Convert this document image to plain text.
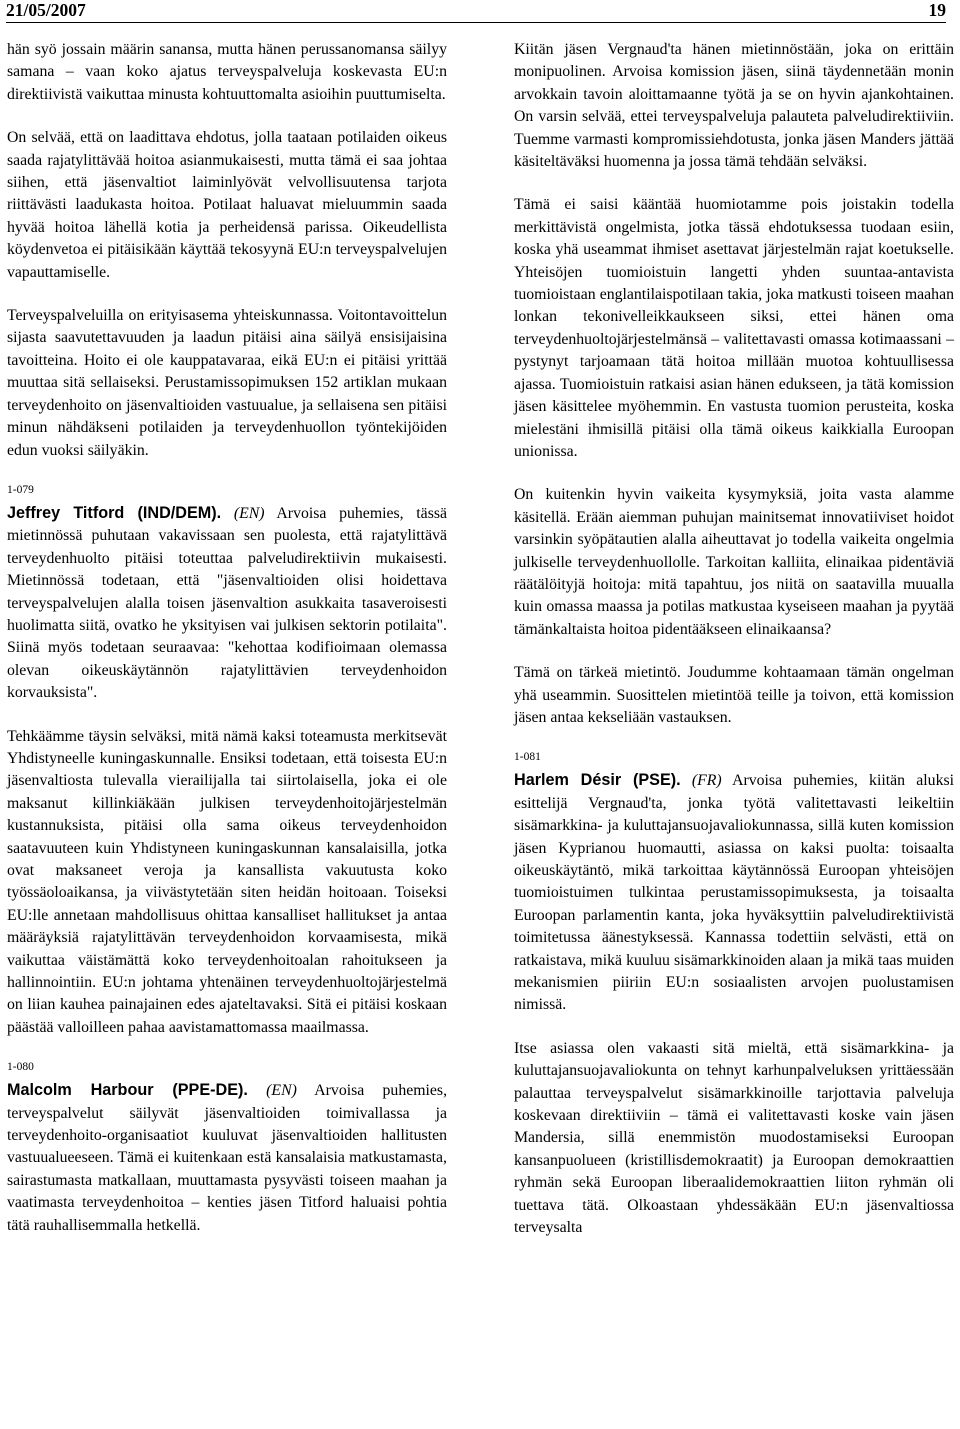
21/05/2007	19

hän syö jossain määrin sanansa, mutta hänen perussanomansa säilyy samana – vaan koko ajatus terveyspalveluja koskevasta EU:n direktiivistä vaikuttaa minusta kohtuuttomalta asioihin puuttumiselta.

On selvää, että on laadittava ehdotus, jolla taataan potilaiden oikeus saada rajatylittävää hoitoa asianmukaisesti, mutta tämä ei saa johtaa siihen, että jäsenvaltiot laiminlyövät velvollisuutensa tarjota riittävästi laadukasta hoitoa. Potilaat haluavat mieluummin saada hyvää hoitoa lähellä kotia ja perheidensä parissa. Oikeudellista köydenvetoa ei pitäisikään käyttää tekosyynä EU:n terveyspalvelujen vapauttamiselle.

Terveyspalveluilla on erityisasema yhteiskunnassa. Voitontavoittelun sijasta saavutettavuuden ja laadun pitäisi aina säilyä ensisijaisina tavoitteina. Hoito ei ole kauppatavaraa, eikä EU:n ei pitäisi yrittää muuttaa sitä sellaiseksi. Perustamissopimuksen 152 artiklan mukaan terveydenhoito on jäsenvaltioiden vastuualue, ja sellaisena sen pitäisi minun nähdäkseni potilaiden ja terveydenhuollon työntekijöiden edun vuoksi säilyäkin.

1-079

Jeffrey Titford (IND/DEM). (EN) Arvoisa puhemies, tässä mietinnössä puhutaan vakavissaan sen puolesta, että rajatylittävä terveydenhuolto pitäisi toteuttaa palveludirektiivin mukaisesti. Mietinnössä todetaan, että "jäsenvaltioiden olisi hoidettava terveyspalvelujen alalla toisen jäsenvaltion asukkaita tasaveroisesti huolimatta siitä, ovatko he yksityisen vai julkisen sektorin potilaita". Siinä myös todetaan seuraavaa: "kehottaa kodifioimaan olemassa olevan oikeuskäytännön rajatylittävien terveydenhoidon korvauksista".

Tehkäämme täysin selväksi, mitä nämä kaksi toteamusta merkitsevät Yhdistyneelle kuningaskunnalle. Ensiksi todetaan, että toisesta EU:n jäsenvaltiosta tulevalla vierailijalla tai siirtolaisella, joka ei ole maksanut killinkiäkään julkisen terveydenhoitojärjestelmän kustannuksista, pitäisi olla sama oikeus terveydenhoidon saatavuuteen kuin Yhdistyneen kuningaskunnan kansalaisilla, jotka ovat maksaneet veroja ja kansallista vakuutusta koko työssäoloaikansa, ja viivästytetään siten heidän hoitoaan. Toiseksi EU:lle annetaan mahdollisuus ohittaa kansalliset hallitukset ja antaa määräyksiä rajatylittävän terveydenhoidon korvaamisesta, mikä vaikuttaa väistämättä koko terveydenhoitoalan rahoitukseen ja hallinnointiin. EU:n johtama yhtenäinen terveydenhuoltojärjestelmä on liian kauhea painajainen edes ajateltavaksi. Sitä ei pitäisi koskaan päästää valloilleen pahaa aavistamattomassa maailmassa.

1-080

Malcolm Harbour (PPE-DE). (EN) Arvoisa puhemies, terveyspalvelut säilyvät jäsenvaltioiden toimivallassa ja terveydenhoito-organisaatiot kuuluvat jäsenvaltioiden hallitusten vastuualueeseen. Tämä ei kuitenkaan estä kansalaisia matkustamasta, sairastumasta matkallaan, muuttamasta pysyvästi toiseen maahan ja vaatimasta terveydenhoitoa – kenties jäsen Titford haluaisi pohtia tätä rauhallisemmalla hetkellä.

Kiitän jäsen Vergnaud'ta hänen mietinnöstään, joka on erittäin monipuolinen. Arvoisa komission jäsen, siinä täydennetään monin arvokkain tavoin aloittamaanne työtä ja se on hyvin ajankohtainen. On varsin selvää, ettei terveyspalveluja palauteta palveludirektiiviin. Tuemme varmasti kompromissiehdotusta, jonka jäsen Manders jättää käsiteltäväksi huomenna ja jossa tämä tehdään selväksi.

Tämä ei saisi kääntää huomiotamme pois joistakin todella merkittävistä ongelmista, jotka tässä ehdotuksessa tuodaan esiin, koska yhä useammat ihmiset asettavat järjestelmän rajat koetukselle. Yhteisöjen tuomioistuin langetti yhden suuntaa-antavista tuomioistaan englantilaispotilaan takia, joka matkusti toiseen maahan lonkan tekonivelleikkaukseen siksi, ettei hänen oma terveydenhuoltojärjestelmänsä – valitettavasti omassa kotimaassani – pystynyt tarjoamaan tätä hoitoa millään muotoa kohtuullisessa ajassa. Tuomioistuin ratkaisi asian hänen edukseen, ja tätä komission jäsen käsittelee myöhemmin. En vastusta tuomion perusteita, koska mielestäni ihmisillä pitäisi olla tämä oikeus kaikkialla Euroopan unionissa.

On kuitenkin hyvin vaikeita kysymyksiä, joita vasta alamme käsitellä. Erään aiemman puhujan mainitsemat innovatiiviset hoidot varsinkin syöpätautien alalla aiheuttavat jo todella vaikeita ongelmia julkiselle terveydenhuollolle. Tarkoitan kalliita, elinaikaa pidentäviä räätälöityjä hoitoja: mitä tapahtuu, jos niitä on saatavilla muualla kuin omassa maassa ja potilas matkustaa kyseiseen maahan ja pyytää tämänkaltaista hoitoa pidentääkseen elinaikaansa?

Tämä on tärkeä mietintö. Joudumme kohtaamaan tämän ongelman yhä useammin. Suosittelen mietintöä teille ja toivon, että komission jäsen antaa kekseliään vastauksen.

1-081

Harlem Désir (PSE). (FR) Arvoisa puhemies, kiitän aluksi esittelijä Vergnaud'ta, jonka työtä valitettavasti leikeltiin sisämarkkina- ja kuluttajansuojavaliokunnassa, sillä kuten komission jäsen Kyprianou huomautti, asiassa on kaksi puolta: toisaalta oikeuskäytäntö, mikä tarkoittaa käytännössä Euroopan yhteisöjen tuomioistuimen tulkintaa perustamissopimuksesta, ja toisaalta Euroopan parlamentin kanta, joka hyväksyttiin palveludirektiivistä toimitetussa äänestyksessä. Kannassa todettiin selvästi, että on ratkaistava, mikä kuuluu sisämarkkinoiden alaan ja mikä taas muiden mekanismien piiriin EU:n sosiaalisten arvojen puolustamisen nimissä.

Itse asiassa olen vakaasti sitä mieltä, että sisämarkkina- ja kuluttajansuojavaliokunta on tehnyt karhunpalveluksen yrittäessään palauttaa terveyspalvelut sisämarkkinoille tarjottavia palveluja koskevaan direktiiviin – tämä ei valitettavasti koske vain jäsen Mandersia, sillä enemmistön muodostamiseksi Euroopan kansanpuolueen (kristillisdemokraatit) ja Euroopan demokraattien ryhmän sekä Euroopan liberaalidemokraattien liiton ryhmän oli tuettava tätä. Olkoastaan yhdessäkään EU:n jäsenvaltiossa terveysalta
